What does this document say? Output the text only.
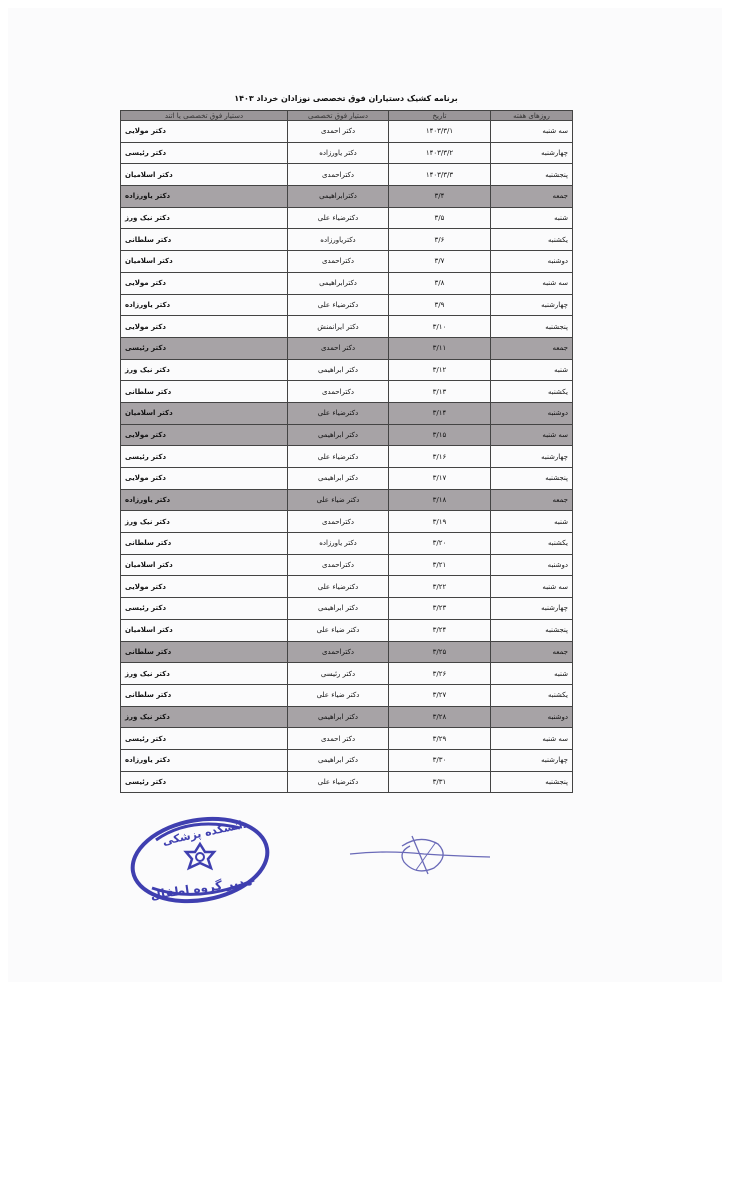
برنامه کشیک دستیاران فوق تخصصی نوزادان خرداد ۱۴۰۳
روزهای هفته	تاریخ	دستیار فوق تخصصی	دستیار فوق تخصصی یا اتند
سه شنبه	۱۴۰۳/۳/۱	دکتر احمدی	دکتر مولایی
چهارشنبه	۱۴۰۳/۳/۲	دکتر یاورزاده	دکتر رئیسی
پنجشنبه	۱۴۰۳/۳/۳	دکتراحمدی	دکتر اسلامیان
جمعه	۳/۴	دکترابراهیمی	دکتر یاورزاده
شنبه	۳/۵	دکترضیاء علی	دکتر نیک ورز
یکشنبه	۳/۶	دکتریاورزاده	دکتر سلطانی
دوشنبه	۳/۷	دکتراحمدی	دکتر اسلامیان
سه شنبه	۳/۸	دکترابراهیمی	دکتر مولایی
چهارشنبه	۳/۹	دکترضیاء علی	دکتر یاورزاده
پنجشنبه	۳/۱۰	دکتر ایرانمنش	دکتر مولایی
جمعه	۳/۱۱	دکتر احمدی	دکتر رئیسی
شنبه	۳/۱۲	دکتر ابراهیمی	دکتر نیک ورز
یکشنبه	۳/۱۳	دکتراحمدی	دکتر سلطانی
دوشنبه	۳/۱۴	دکترضیاء علی	دکتر اسلامیان
سه شنبه	۳/۱۵	دکتر ابراهیمی	دکتر مولایی
چهارشنبه	۳/۱۶	دکترضیاء علی	دکتر رئیسی
پنجشنبه	۳/۱۷	دکتر ابراهیمی	دکتر مولایی
جمعه	۳/۱۸	دکتر ضیاء علی	دکتر یاورزاده
شنبه	۳/۱۹	دکتراحمدی	دکتر نیک ورز
یکشنبه	۳/۲۰	دکتر یاورزاده	دکتر سلطانی
دوشنبه	۳/۲۱	دکتراحمدی	دکتر اسلامیان
سه شنبه	۳/۲۲	دکترضیاء علی	دکتر مولایی
چهارشنبه	۳/۲۳	دکتر ابراهیمی	دکتر رئیسی
پنجشنبه	۳/۲۴	دکتر ضیاء علی	دکتر اسلامیان
جمعه	۳/۲۵	دکتراحمدی	دکتر سلطانی
شنبه	۳/۲۶	دکتر رئیسی	دکتر نیک ورز
یکشنبه	۳/۲۷	دکتر ضیاء علی	دکتر سلطانی
دوشنبه	۳/۲۸	دکتر ابراهیمی	دکتر نیک ورز
سه شنبه	۳/۲۹	دکتر احمدی	دکتر رئیسی
چهارشنبه	۳/۳۰	دکتر ابراهیمی	دکتر یاورزاده
پنجشنبه	۳/۳۱	دکترضیاء علی	دکتر رئیسی
دانشکده پزشکی
مدیر گروه اطفال
